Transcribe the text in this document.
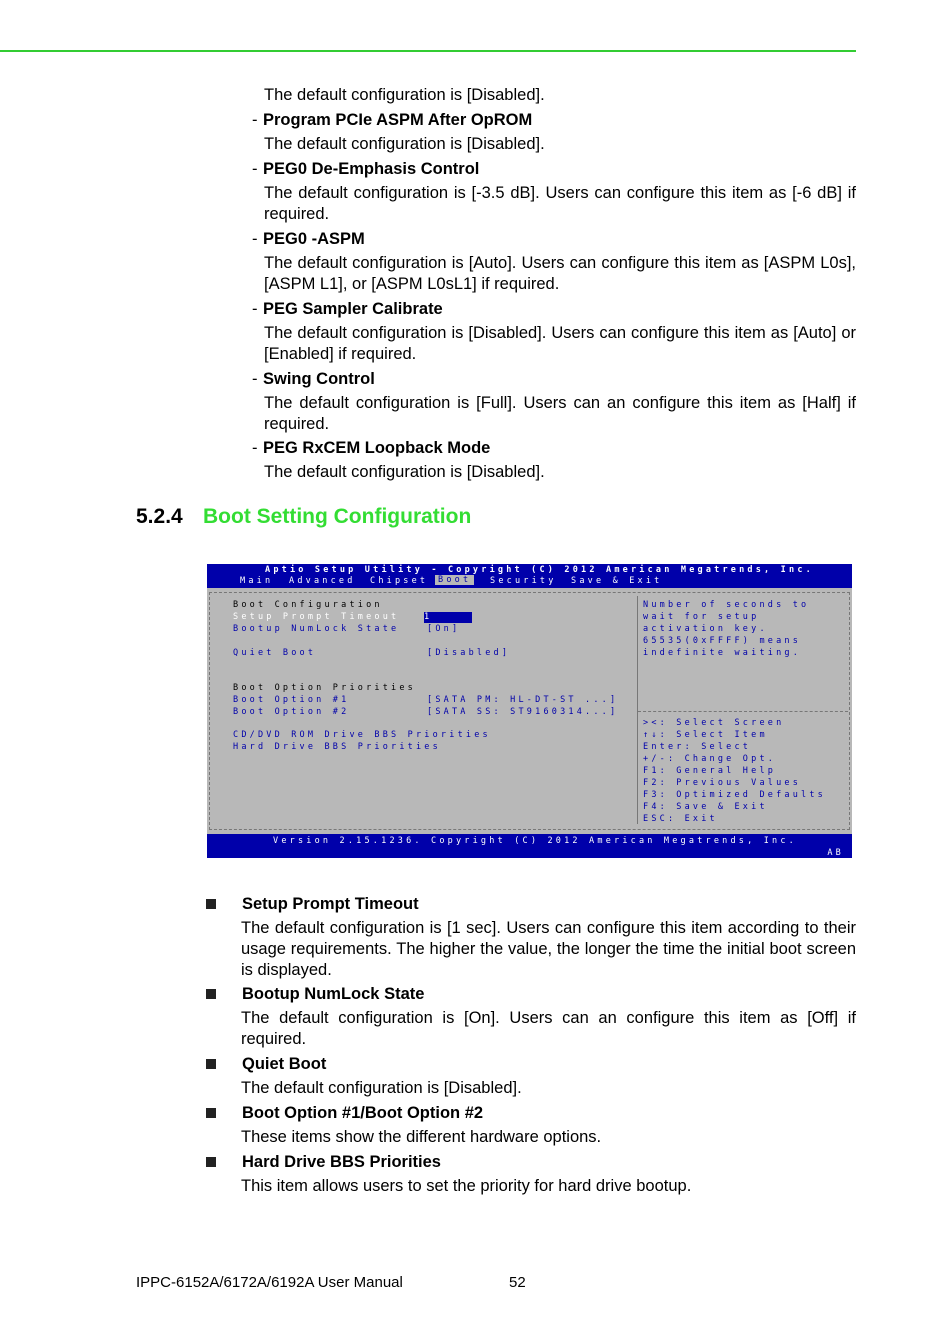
The default configuration is [Disabled].
- Program PCIe ASPM After OpROM
The default configuration is [Disabled].
- PEG0 De-Emphasis Control
The default configuration is [-3.5 dB]. Users can configure this item as [-6 dB] if required.
- PEG0 -ASPM
The default configuration is [Auto]. Users can configure this item as [ASPM L0s], [ASPM L1], or [ASPM L0sL1] if required.
- PEG Sampler Calibrate
The default configuration is [Disabled]. Users can configure this item as [Auto] or [Enabled] if required.
- Swing Control
The default configuration is [Full]. Users can an configure this item as [Half] if required.
- PEG RxCEM Loopback Mode
The default configuration is [Disabled].
5.2.4 Boot Setting Configuration
Aptio Setup Utility - Copyright (C) 2012 American Megatrends, Inc.
Main Advanced Chipset	Boot	Security Save & Exit
Boot Configuration
Setup Prompt Timeout	1
Bootup NumLock State	[On]
Quiet Boot	[Disabled]
Boot Option Priorities
Boot Option #1	[SATA PM: HL-DT-ST ...]
Boot Option #2	[SATA SS: ST9160314...]
CD/DVD ROM Drive BBS Priorities
Hard Drive BBS Priorities
Number of seconds to
wait for setup
activation key.
65535(0xFFFF) means
indefinite waiting.
><: Select Screen
↑↓: Select Item
Enter: Select
+/-: Change Opt.
F1: General Help
F2: Previous Values
F3: Optimized Defaults
F4: Save & Exit
ESC: Exit
Version 2.15.1236. Copyright (C) 2012 American Megatrends, Inc.
AB
Setup Prompt Timeout
The default configuration is [1 sec]. Users can configure this item according to their usage requirements. The higher the value, the longer the time the initial boot screen is displayed.
Bootup NumLock State
The default configuration is [On]. Users can an configure this item as [Off] if required.
Quiet Boot
The default configuration is [Disabled].
Boot Option #1/Boot Option #2
These items show the different hardware options.
Hard Drive BBS Priorities
This item allows users to set the priority for hard drive bootup.
IPPC-6152A/6172A/6192A User Manual	52
